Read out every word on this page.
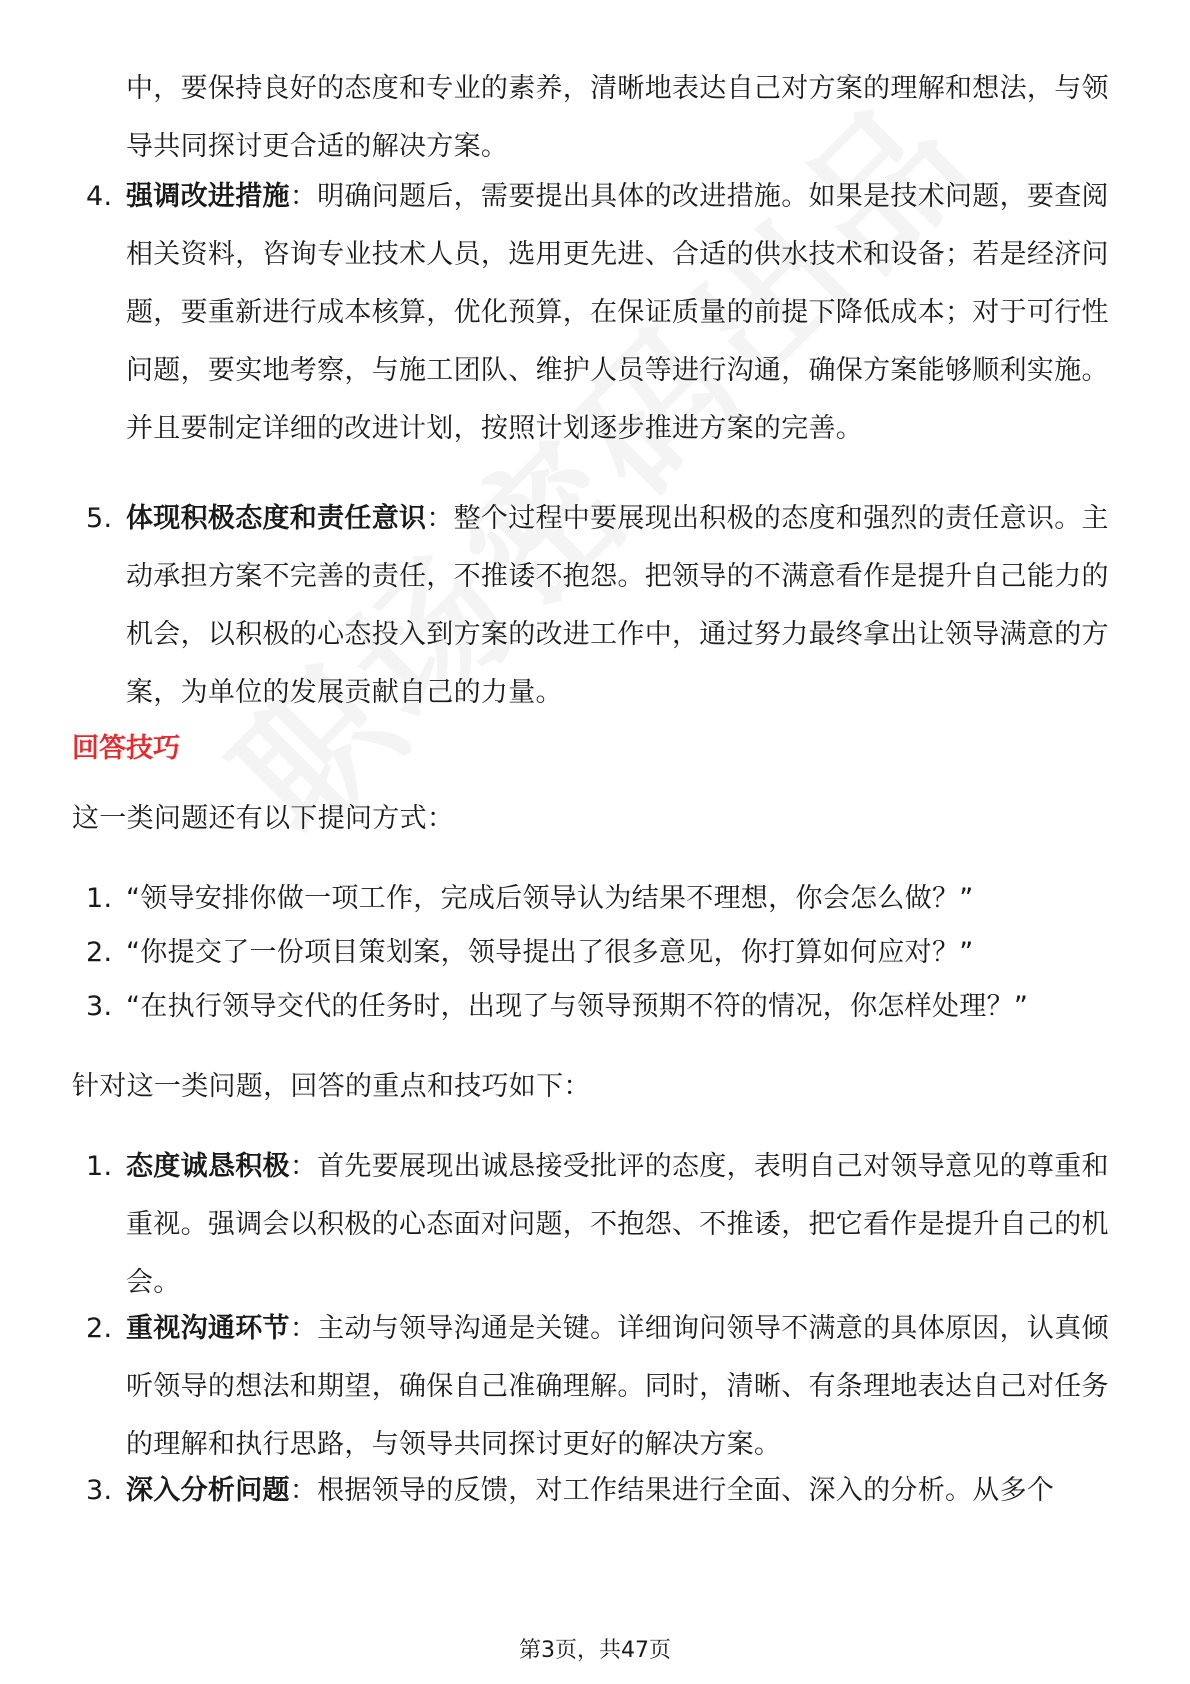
中，要保持良好的态度和专业的素养，清晰地表达自己对方案的理解和想法，与领导共同探讨更合适的解决方案。
4. 强调改进措施：明确问题后，需要提出具体的改进措施。如果是技术问题，要查阅相关资料，咨询专业技术人员，选用更先进、合适的供水技术和设备；若是经济问题，要重新进行成本核算，优化预算，在保证质量的前提下降低成本；对于可行性问题，要实地考察，与施工团队、维护人员等进行沟通，确保方案能够顺利实施。并且要制定详细的改进计划，按照计划逐步推进方案的完善。
5. 体现积极态度和责任意识：整个过程中要展现出积极的态度和强烈的责任意识。主动承担方案不完善的责任，不推诿不抱怨。把领导的不满意看作是提升自己能力的机会，以积极的心态投入到方案的改进工作中，通过努力最终拿出让领导满意的方案，为单位的发展贡献自己的力量。
回答技巧
这一类问题还有以下提问方式：
1. “领导安排你做一项工作，完成后领导认为结果不理想，你会怎么做？”
2. “你提交了一份项目策划案，领导提出了很多意见，你打算如何应对？”
3. “在执行领导交代的任务时，出现了与领导预期不符的情况，你怎样处理？”
针对这一类问题，回答的重点和技巧如下：
1. 态度诚恳积极：首先要展现出诚恳接受批评的态度，表明自己对领导意见的尊重和重视。强调会以积极的心态面对问题，不抱怨、不推诿，把它看作是提升自己的机会。
2. 重视沟通环节：主动与领导沟通是关键。详细询问领导不满意的具体原因，认真倾听领导的想法和期望，确保自己准确理解。同时，清晰、有条理地表达自己对任务的理解和执行思路，与领导共同探讨更好的解决方案。
3. 深入分析问题：根据领导的反馈，对工作结果进行全面、深入的分析。从多个
第3页，共47页
